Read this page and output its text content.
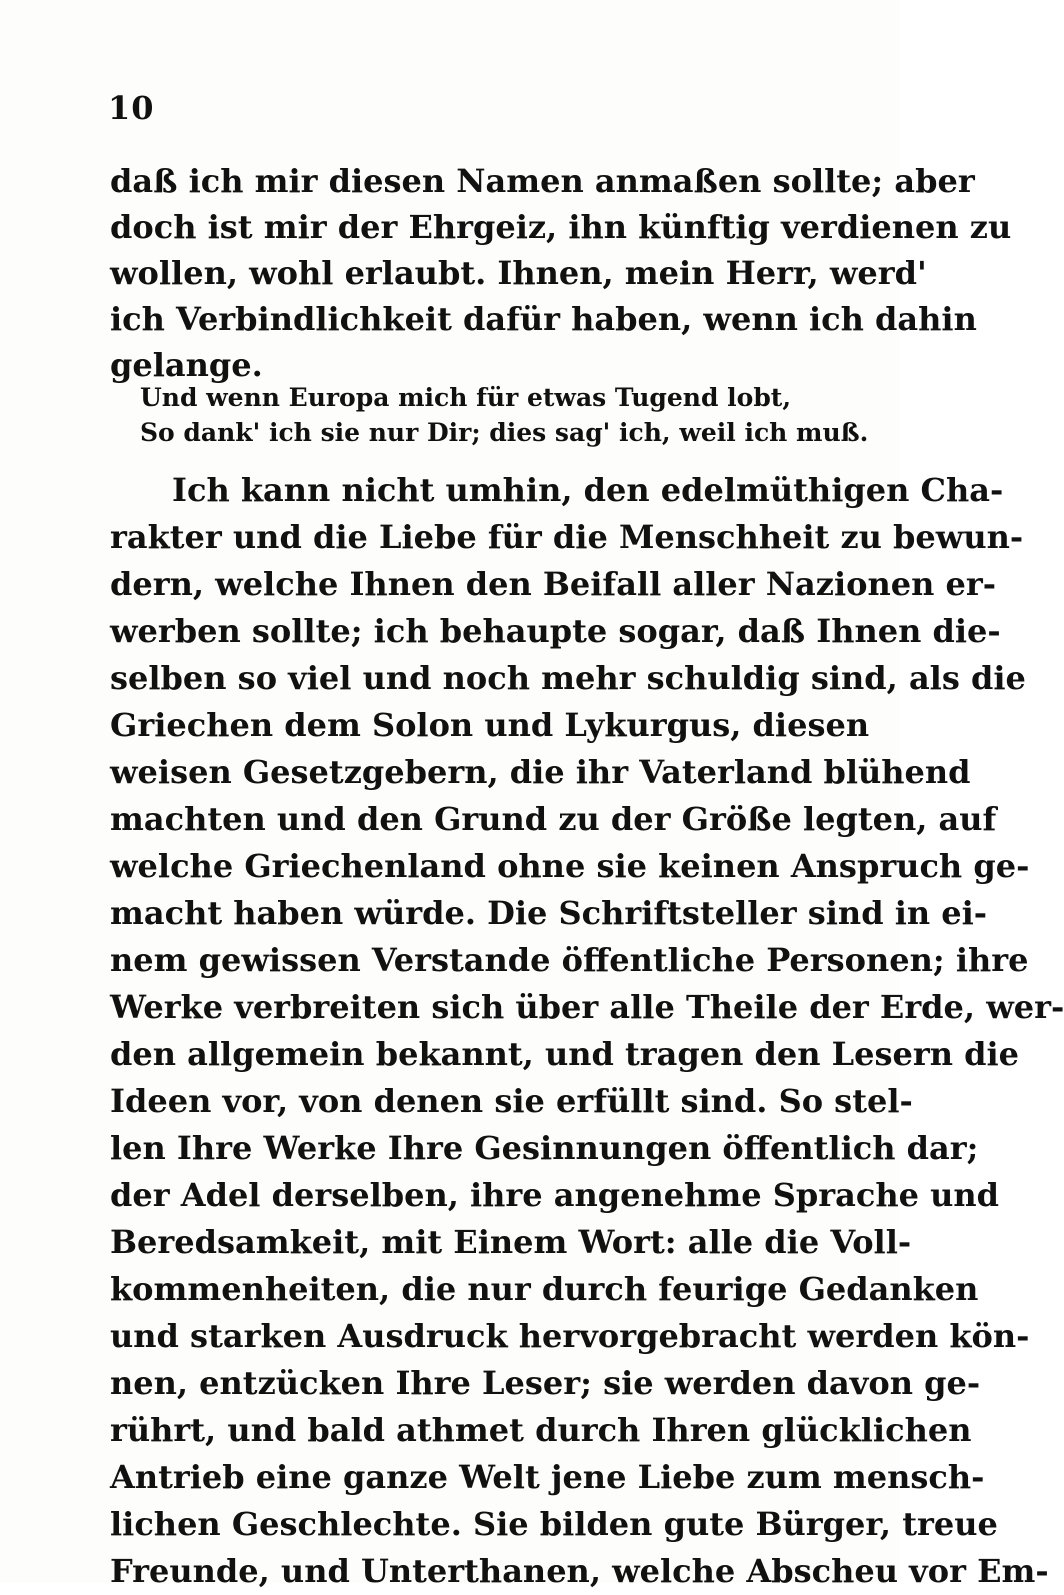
10
daß ich mir diesen Namen anmaßen sollte; aber
doch ist mir der Ehrgeiz, ihn künftig verdienen zu
wollen, wohl erlaubt. Ihnen, mein Herr, werd'
ich Verbindlichkeit dafür haben, wenn ich dahin
gelange.
Und wenn Europa mich für etwas Tugend lobt,
So dank' ich sie nur Dir; dies sag' ich, weil ich muß.
Ich kann nicht umhin, den edelmüthigen Cha-
rakter und die Liebe für die Menschheit zu bewun-
dern, welche Ihnen den Beifall aller Nazionen er-
werben sollte; ich behaupte sogar, daß Ihnen die-
selben so viel und noch mehr schuldig sind, als die
Griechen dem Solon und Lykurgus, diesen
weisen Gesetzgebern, die ihr Vaterland blühend
machten und den Grund zu der Größe legten, auf
welche Griechenland ohne sie keinen Anspruch ge-
macht haben würde. Die Schriftsteller sind in ei-
nem gewissen Verstande öffentliche Personen; ihre
Werke verbreiten sich über alle Theile der Erde, wer-
den allgemein bekannt, und tragen den Lesern die
Ideen vor, von denen sie erfüllt sind. So stel-
len Ihre Werke Ihre Gesinnungen öffentlich dar;
der Adel derselben, ihre angenehme Sprache und
Beredsamkeit, mit Einem Wort: alle die Voll-
kommenheiten, die nur durch feurige Gedanken
und starken Ausdruck hervorgebracht werden kön-
nen, entzücken Ihre Leser; sie werden davon ge-
rührt, und bald athmet durch Ihren glücklichen
Antrieb eine ganze Welt jene Liebe zum mensch-
lichen Geschlechte. Sie bilden gute Bürger, treue
Freunde, und Unterthanen, welche Abscheu vor Em-
